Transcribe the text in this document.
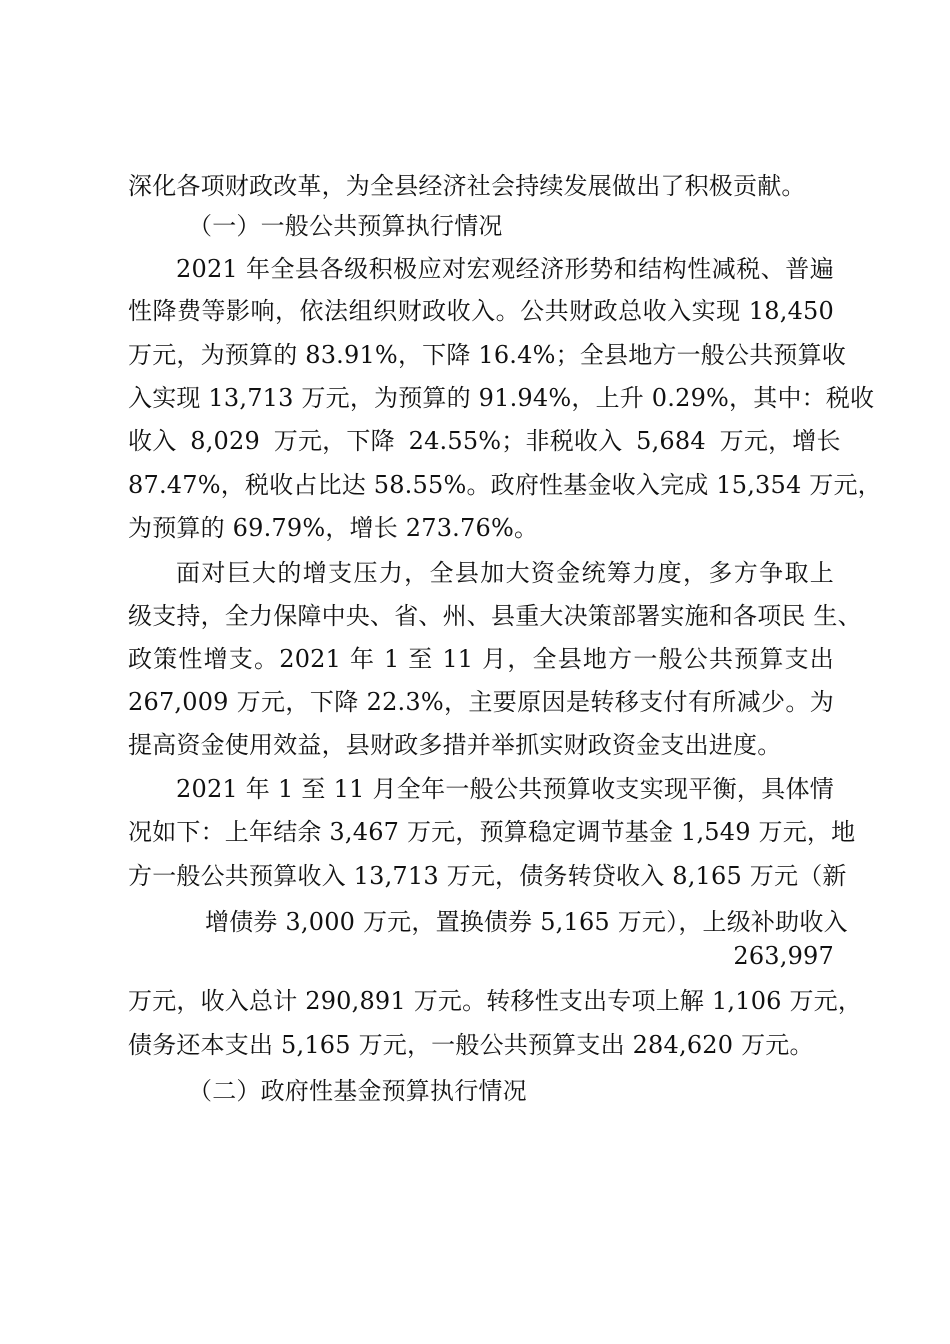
深化各项财政改革，为全县经济社会持续发展做出了积极贡献。

（一）一般公共预算执行情况

2021 年全县各级积极应对宏观经济形势和结构性减税、普遍

性降费等影响，依法组织财政收入。公共财政总收入实现 18,450

万元，为预算的 83.91%，下降 16.4%；全县地方一般公共预算收

入实现 13,713 万元，为预算的 91.94%，上升 0.29%，其中：税收

收入 8,029 万元，下降 24.55%；非税收入 5,684 万元，增长

87.47%，税收占比达 58.55%。政府性基金收入完成 15,354 万元，

为预算的 69.79%，增长 273.76%。

面对巨大的增支压力，全县加大资金统筹力度，多方争取上

级支持，全力保障中央、省、州、县重大决策部署实施和各项民 生、

政策性增支。2021 年 1 至 11 月，全县地方一般公共预算支出

267,009 万元，下降 22.3%，主要原因是转移支付有所减少。为

提高资金使用效益，县财政多措并举抓实财政资金支出进度。

2021 年 1 至 11 月全年一般公共预算收支实现平衡，具体情

况如下：上年结余 3,467 万元，预算稳定调节基金 1,549 万元，地

方一般公共预算收入 13,713 万元，债务转贷收入 8,165 万元（新

增债券 3,000 万元，置换债券 5,165 万元），上级补助收入

263,997

万元，收入总计 290,891 万元。转移性支出专项上解 1,106 万元，

债务还本支出 5,165 万元，一般公共预算支出 284,620 万元。

（二）政府性基金预算执行情况
